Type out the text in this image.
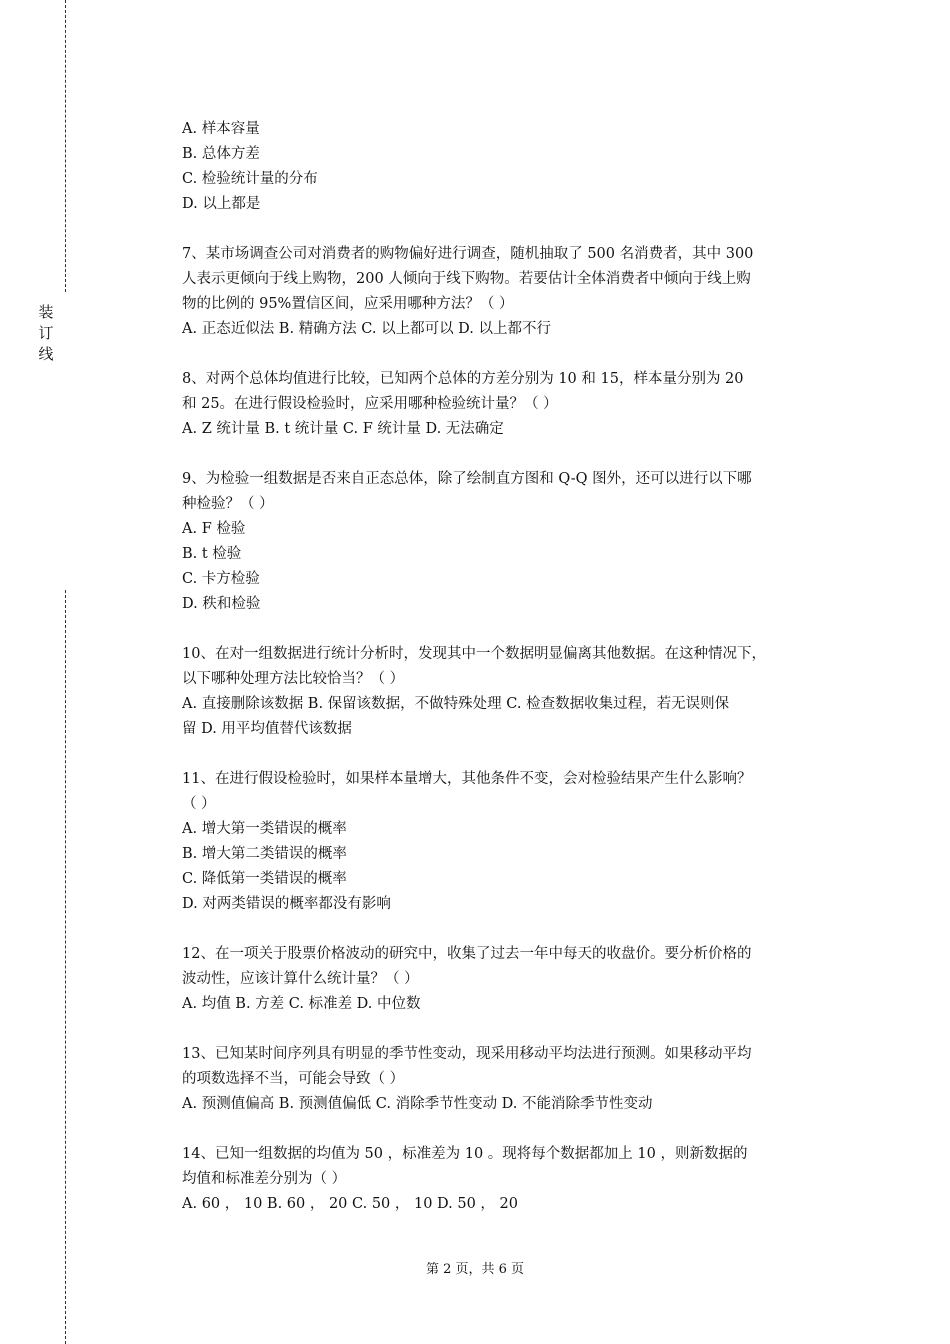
装
订
线
A. 样本容量
B. 总体方差
C. 检验统计量的分布
D. 以上都是
7、某市场调查公司对消费者的购物偏好进行调查，随机抽取了 500 名消费者，其中 300
人表示更倾向于线上购物，200 人倾向于线下购物。若要估计全体消费者中倾向于线上购
物的比例的 95%置信区间，应采用哪种方法？（ ）
A. 正态近似法 B. 精确方法 C. 以上都可以 D. 以上都不行
8、对两个总体均值进行比较，已知两个总体的方差分别为 10 和 15，样本量分别为 20
和 25。在进行假设检验时，应采用哪种检验统计量？（ ）
A. Z 统计量 B. t 统计量 C. F 统计量 D. 无法确定
9、为检验一组数据是否来自正态总体，除了绘制直方图和 Q-Q 图外，还可以进行以下哪
种检验？（ ）
A. F 检验
B. t 检验
C. 卡方检验
D. 秩和检验
10、在对一组数据进行统计分析时，发现其中一个数据明显偏离其他数据。在这种情况下，
以下哪种处理方法比较恰当？（ ）
A. 直接删除该数据 B. 保留该数据，不做特殊处理 C. 检查数据收集过程，若无误则保
留 D. 用平均值替代该数据
11、在进行假设检验时，如果样本量增大，其他条件不变，会对检验结果产生什么影响？
（ ）
A. 增大第一类错误的概率
B. 增大第二类错误的概率
C. 降低第一类错误的概率
D. 对两类错误的概率都没有影响
12、在一项关于股票价格波动的研究中，收集了过去一年中每天的收盘价。要分析价格的
波动性，应该计算什么统计量？（ ）
A. 均值 B. 方差 C. 标准差 D. 中位数
13、已知某时间序列具有明显的季节性变动，现采用移动平均法进行预测。如果移动平均
的项数选择不当，可能会导致（ ）
A. 预测值偏高 B. 预测值偏低 C. 消除季节性变动 D. 不能消除季节性变动
14、已知一组数据的均值为 50 ，标准差为 10 。现将每个数据都加上 10 ，则新数据的
均值和标准差分别为（ ）
A. 60 ， 10 B. 60 ， 20 C. 50 ， 10 D. 50 ， 20
第 2 页，共 6 页
